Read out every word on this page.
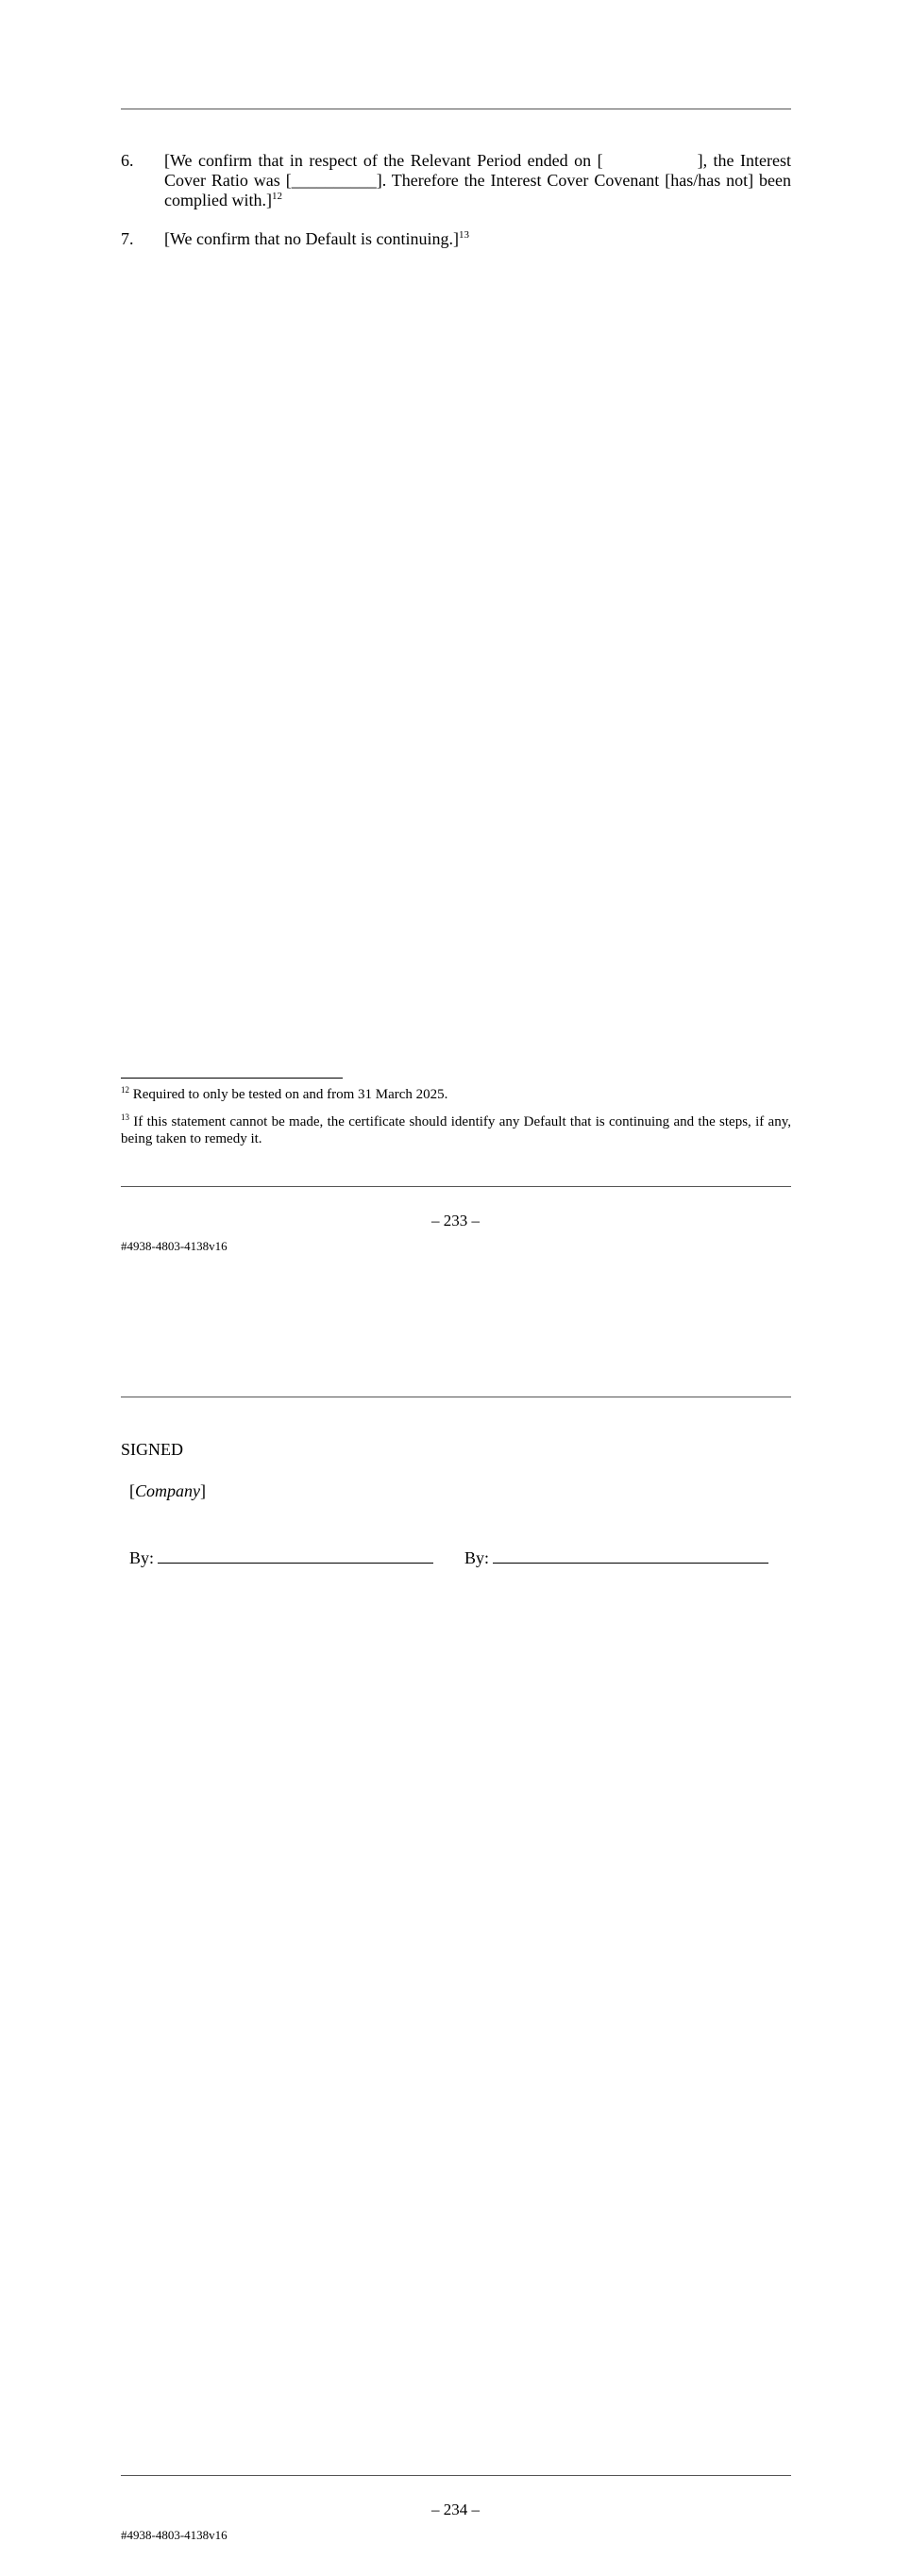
6. [We confirm that in respect of the Relevant Period ended on [	], the Interest Cover Ratio was [__________]. Therefore the Interest Cover Covenant [has/has not] been complied with.]$^{12}$
7. [We confirm that no Default is continuing.]$^{13}$
$^{12}$ Required to only be tested on and from 31 March 2025.
$^{13}$ If this statement cannot be made, the certificate should identify any Default that is continuing and the steps, if any, being taken to remedy it.
– 233 –
#4938-4803-4138v16
SIGNED
[Company]
By:	By:
– 234 –
#4938-4803-4138v16
